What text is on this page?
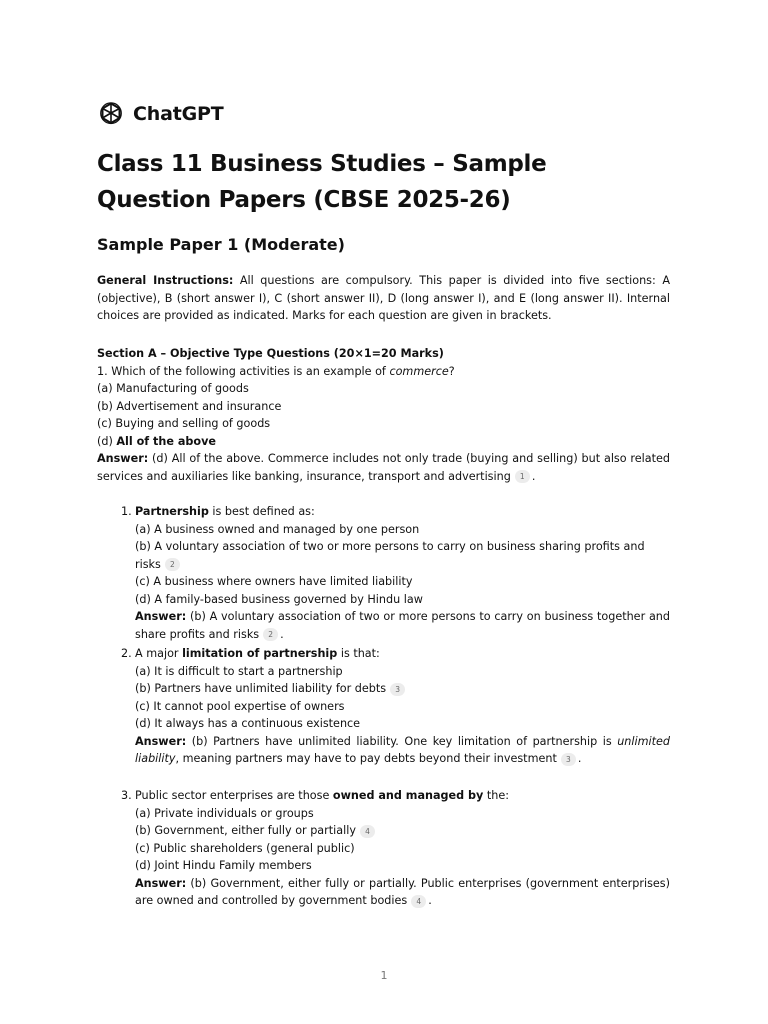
ChatGPT
Class 11 Business Studies – Sample Question Papers (CBSE 2025-26)
Sample Paper 1 (Moderate)
General Instructions: All questions are compulsory. This paper is divided into five sections: A (objective), B (short answer I), C (short answer II), D (long answer I), and E (long answer II). Internal choices are provided as indicated. Marks for each question are given in brackets.
Section A – Objective Type Questions (20×1=20 Marks)
1. Which of the following activities is an example of commerce?
(a) Manufacturing of goods
(b) Advertisement and insurance
(c) Buying and selling of goods
(d) All of the above
Answer: (d) All of the above. Commerce includes not only trade (buying and selling) but also related services and auxiliaries like banking, insurance, transport and advertising 1 .
1. Partnership is best defined as:
(a) A business owned and managed by one person
(b) A voluntary association of two or more persons to carry on business sharing profits and risks 2
(c) A business where owners have limited liability
(d) A family-based business governed by Hindu law
Answer: (b) A voluntary association of two or more persons to carry on business together and share profits and risks 2 .
2. A major limitation of partnership is that:
(a) It is difficult to start a partnership
(b) Partners have unlimited liability for debts 3
(c) It cannot pool expertise of owners
(d) It always has a continuous existence
Answer: (b) Partners have unlimited liability. One key limitation of partnership is unlimited liability, meaning partners may have to pay debts beyond their investment 3 .
3. Public sector enterprises are those owned and managed by the:
(a) Private individuals or groups
(b) Government, either fully or partially 4
(c) Public shareholders (general public)
(d) Joint Hindu Family members
Answer: (b) Government, either fully or partially. Public enterprises (government enterprises) are owned and controlled by government bodies 4 .
1
